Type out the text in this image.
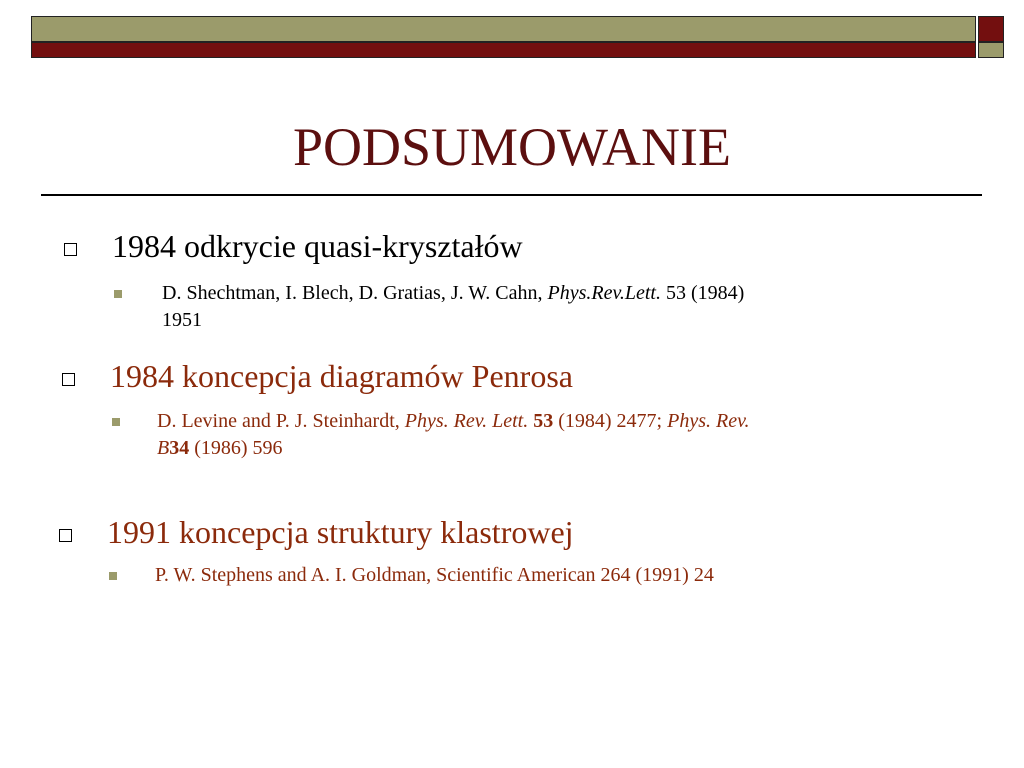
PODSUMOWANIE
1984 odkrycie quasi-kryształów
D. Shechtman, I. Blech, D. Gratias, J. W. Cahn, Phys.Rev.Lett. 53 (1984)
1951
1984 koncepcja diagramów Penrosa
D. Levine and P. J. Steinhardt, Phys. Rev. Lett. 53 (1984) 2477; Phys. Rev.
B34 (1986) 596
1991 koncepcja struktury klastrowej
P. W. Stephens and A. I. Goldman, Scientific American 264 (1991) 24
